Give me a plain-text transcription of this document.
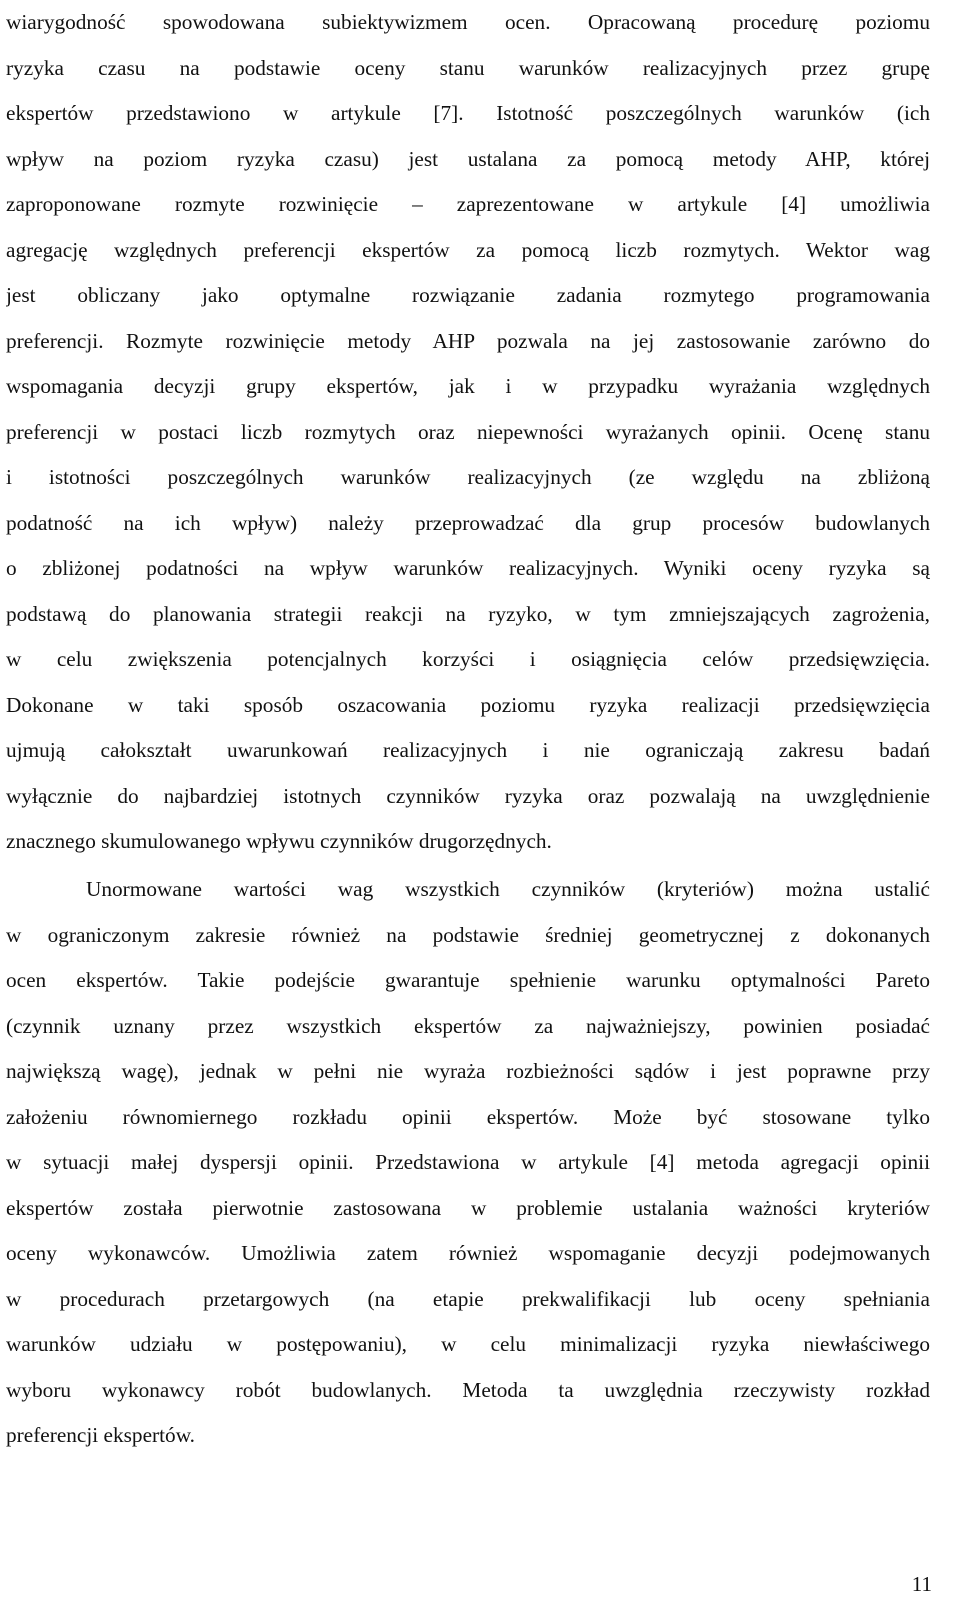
wiarygodność spowodowana subiektywizmem ocen. Opracowaną procedurę poziomu
ryzyka czasu na podstawie oceny stanu warunków realizacyjnych przez grupę
ekspertów przedstawiono w artykule [7]. Istotność poszczególnych warunków (ich
wpływ na poziom ryzyka czasu) jest ustalana za pomocą metody AHP, której
zaproponowane rozmyte rozwinięcie – zaprezentowane w artykule [4] umożliwia
agregację względnych preferencji ekspertów za pomocą liczb rozmytych. Wektor wag
jest obliczany jako optymalne rozwiązanie zadania rozmytego programowania
preferencji. Rozmyte rozwinięcie metody AHP pozwala na jej zastosowanie zarówno do
wspomagania decyzji grupy ekspertów, jak i w przypadku wyrażania względnych
preferencji w postaci liczb rozmytych oraz niepewności wyrażanych opinii. Ocenę stanu
i istotności poszczególnych warunków realizacyjnych (ze względu na zbliżoną
podatność na ich wpływ) należy przeprowadzać dla grup procesów budowlanych
o zbliżonej podatności na wpływ warunków realizacyjnych. Wyniki oceny ryzyka są
podstawą do planowania strategii reakcji na ryzyko, w tym zmniejszających zagrożenia,
w celu zwiększenia potencjalnych korzyści i osiągnięcia celów przedsięwzięcia.
Dokonane w taki sposób oszacowania poziomu ryzyka realizacji przedsięwzięcia
ujmują całokształt uwarunkowań realizacyjnych i nie ograniczają zakresu badań
wyłącznie do najbardziej istotnych czynników ryzyka oraz pozwalają na uwzględnienie
znacznego skumulowanego wpływu czynników drugorzędnych.
Unormowane wartości wag wszystkich czynników (kryteriów) można ustalić
w ograniczonym zakresie również na podstawie średniej geometrycznej z dokonanych
ocen ekspertów. Takie podejście gwarantuje spełnienie warunku optymalności Pareto
(czynnik uznany przez wszystkich ekspertów za najważniejszy, powinien posiadać
największą wagę), jednak w pełni nie wyraża rozbieżności sądów i jest poprawne przy
założeniu równomiernego rozkładu opinii ekspertów. Może być stosowane tylko
w sytuacji małej dyspersji opinii. Przedstawiona w artykule [4] metoda agregacji opinii
ekspertów została pierwotnie zastosowana w problemie ustalania ważności kryteriów
oceny wykonawców. Umożliwia zatem również wspomaganie decyzji podejmowanych
w procedurach przetargowych (na etapie prekwalifikacji lub oceny spełniania
warunków udziału w postępowaniu), w celu minimalizacji ryzyka niewłaściwego
wyboru wykonawcy robót budowlanych. Metoda ta uwzględnia rzeczywisty rozkład
preferencji ekspertów.
11
